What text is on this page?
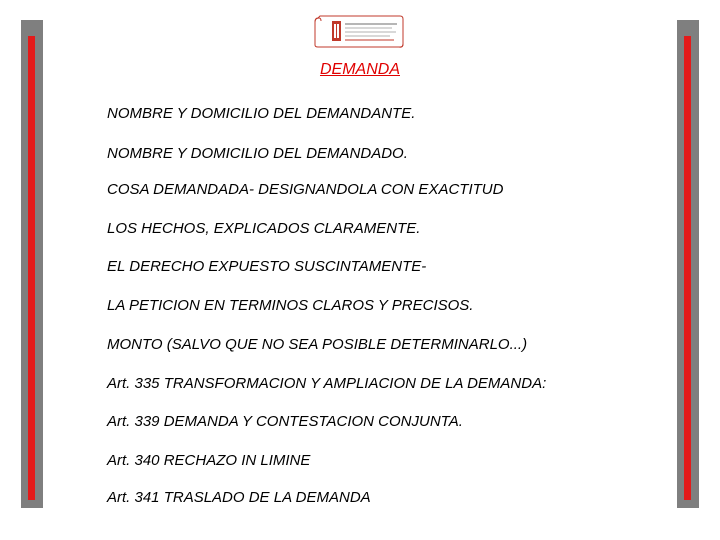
DEMANDA
NOMBRE Y DOMICILIO DEL DEMANDANTE.
NOMBRE Y DOMICILIO DEL DEMANDADO.
COSA DEMANDADA- DESIGNANDOLA CON EXACTITUD
LOS HECHOS, EXPLICADOS CLARAMENTE.
EL DERECHO EXPUESTO SUSCINTAMENTE-
LA PETICION EN TERMINOS CLAROS Y PRECISOS.
MONTO (SALVO QUE NO SEA POSIBLE DETERMINARLO...)
Art. 335 TRANSFORMACION Y AMPLIACION DE LA DEMANDA:
Art. 339 DEMANDA Y CONTESTACION CONJUNTA.
Art. 340 RECHAZO IN LIMINE
Art. 341 TRASLADO DE LA DEMANDA
